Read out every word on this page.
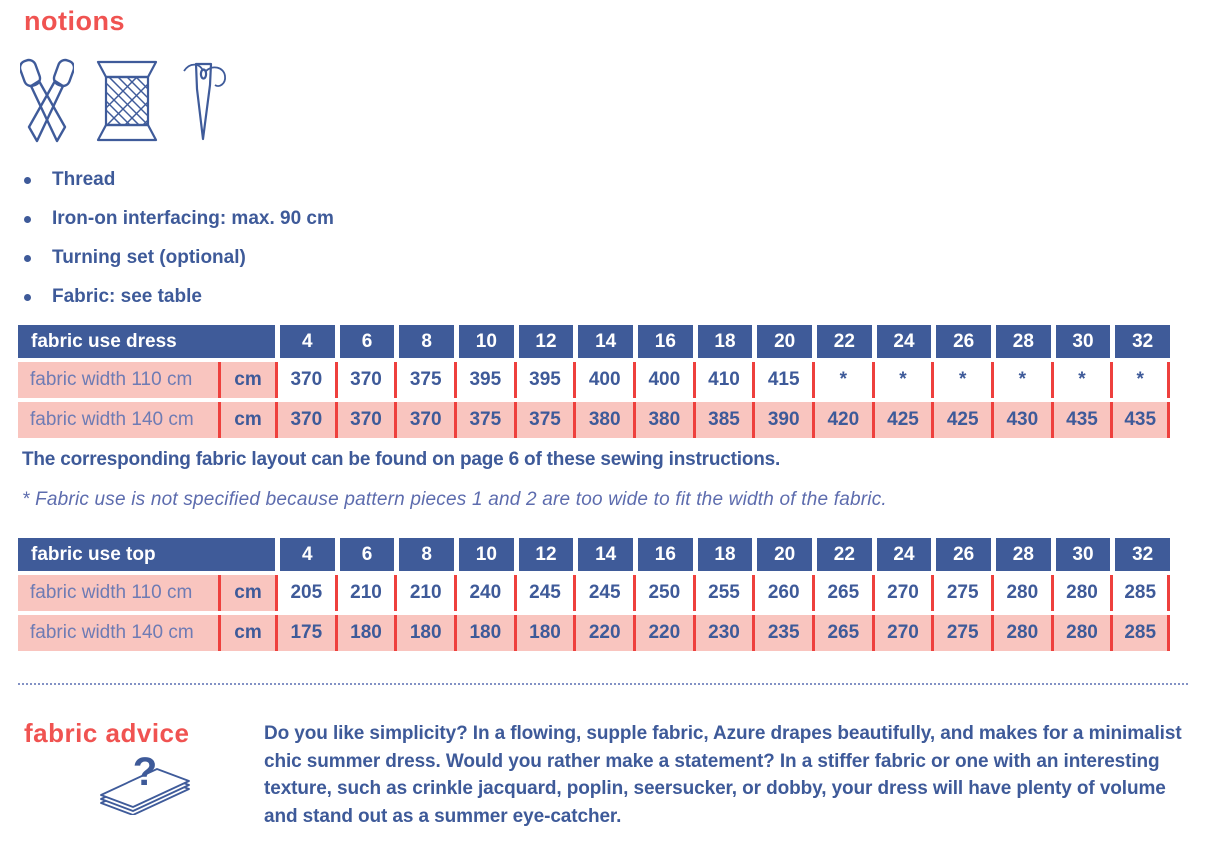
notions
Thread
Iron-on interfacing: max. 90 cm
Turning set (optional)
Fabric: see table
fabric use dress	4	6	8	10	12	14	16	18	20	22	24	26	28	30	32
fabric width 110 cm	cm	370	370	375	395	395	400	400	410	415	*	*	*	*	*	*
fabric width 140 cm	cm	370	370	370	375	375	380	380	385	390	420	425	425	430	435	435

The corresponding fabric layout can be found on page 6 of these sewing instructions.

* Fabric use is not specified because pattern pieces 1 and 2 are too wide to fit the width of the fabric.

fabric use top	4	6	8	10	12	14	16	18	20	22	24	26	28	30	32
fabric width 110 cm	cm	205	210	210	240	245	245	250	255	260	265	270	275	280	280	285
fabric width 140 cm	cm	175	180	180	180	180	220	220	230	235	265	270	275	280	280	285
fabric advice
?

Do you like simplicity? In a flowing, supple fabric, Azure drapes beautifully, and makes for a minimalist chic summer dress. Would you rather make a statement? In a stiffer fabric or one with an interesting texture, such as crinkle jacquard, poplin, seersucker, or dobby, your dress will have plenty of volume and stand out as a summer eye-catcher.
